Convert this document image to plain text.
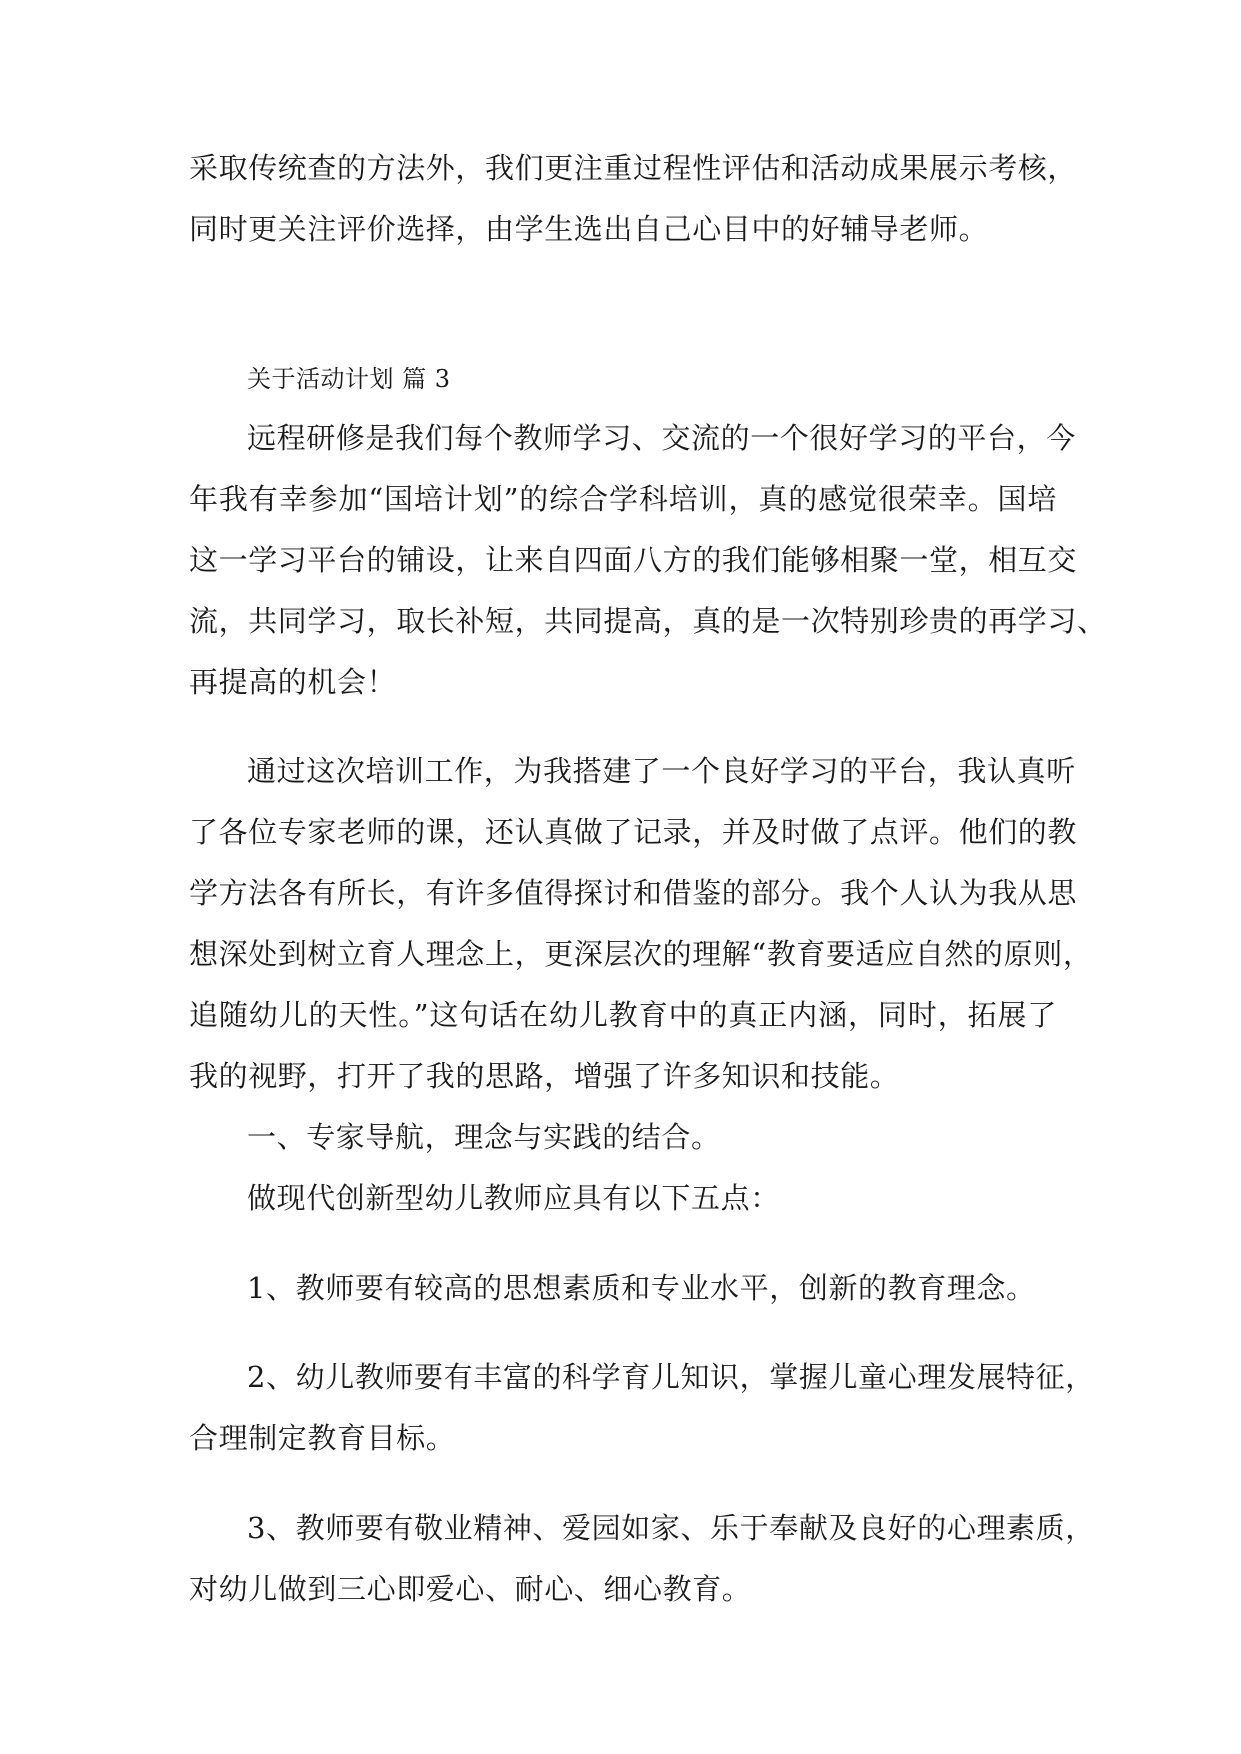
采取传统查的方法外，我们更注重过程性评估和活动成果展示考核，
同时更关注评价选择，由学生选出自己心目中的好辅导老师。
关于活动计划 篇 3
远程研修是我们每个教师学习、交流的一个很好学习的平台，今
年我有幸参加“国培计划”的综合学科培训，真的感觉很荣幸。国培
这一学习平台的铺设，让来自四面八方的我们能够相聚一堂，相互交
流，共同学习，取长补短，共同提高，真的是一次特别珍贵的再学习、
再提高的机会！
通过这次培训工作，为我搭建了一个良好学习的平台，我认真听
了各位专家老师的课，还认真做了记录，并及时做了点评。他们的教
学方法各有所长，有许多值得探讨和借鉴的部分。我个人认为我从思
想深处到树立育人理念上，更深层次的理解“教育要适应自然的原则，
追随幼儿的天性。”这句话在幼儿教育中的真正内涵，同时，拓展了
我的视野，打开了我的思路，增强了许多知识和技能。
一、专家导航，理念与实践的结合。
做现代创新型幼儿教师应具有以下五点：
1、教师要有较高的思想素质和专业水平，创新的教育理念。
2、幼儿教师要有丰富的科学育儿知识，掌握儿童心理发展特征，
合理制定教育目标。
3、教师要有敬业精神、爱园如家、乐于奉献及良好的心理素质，
对幼儿做到三心即爱心、耐心、细心教育。
